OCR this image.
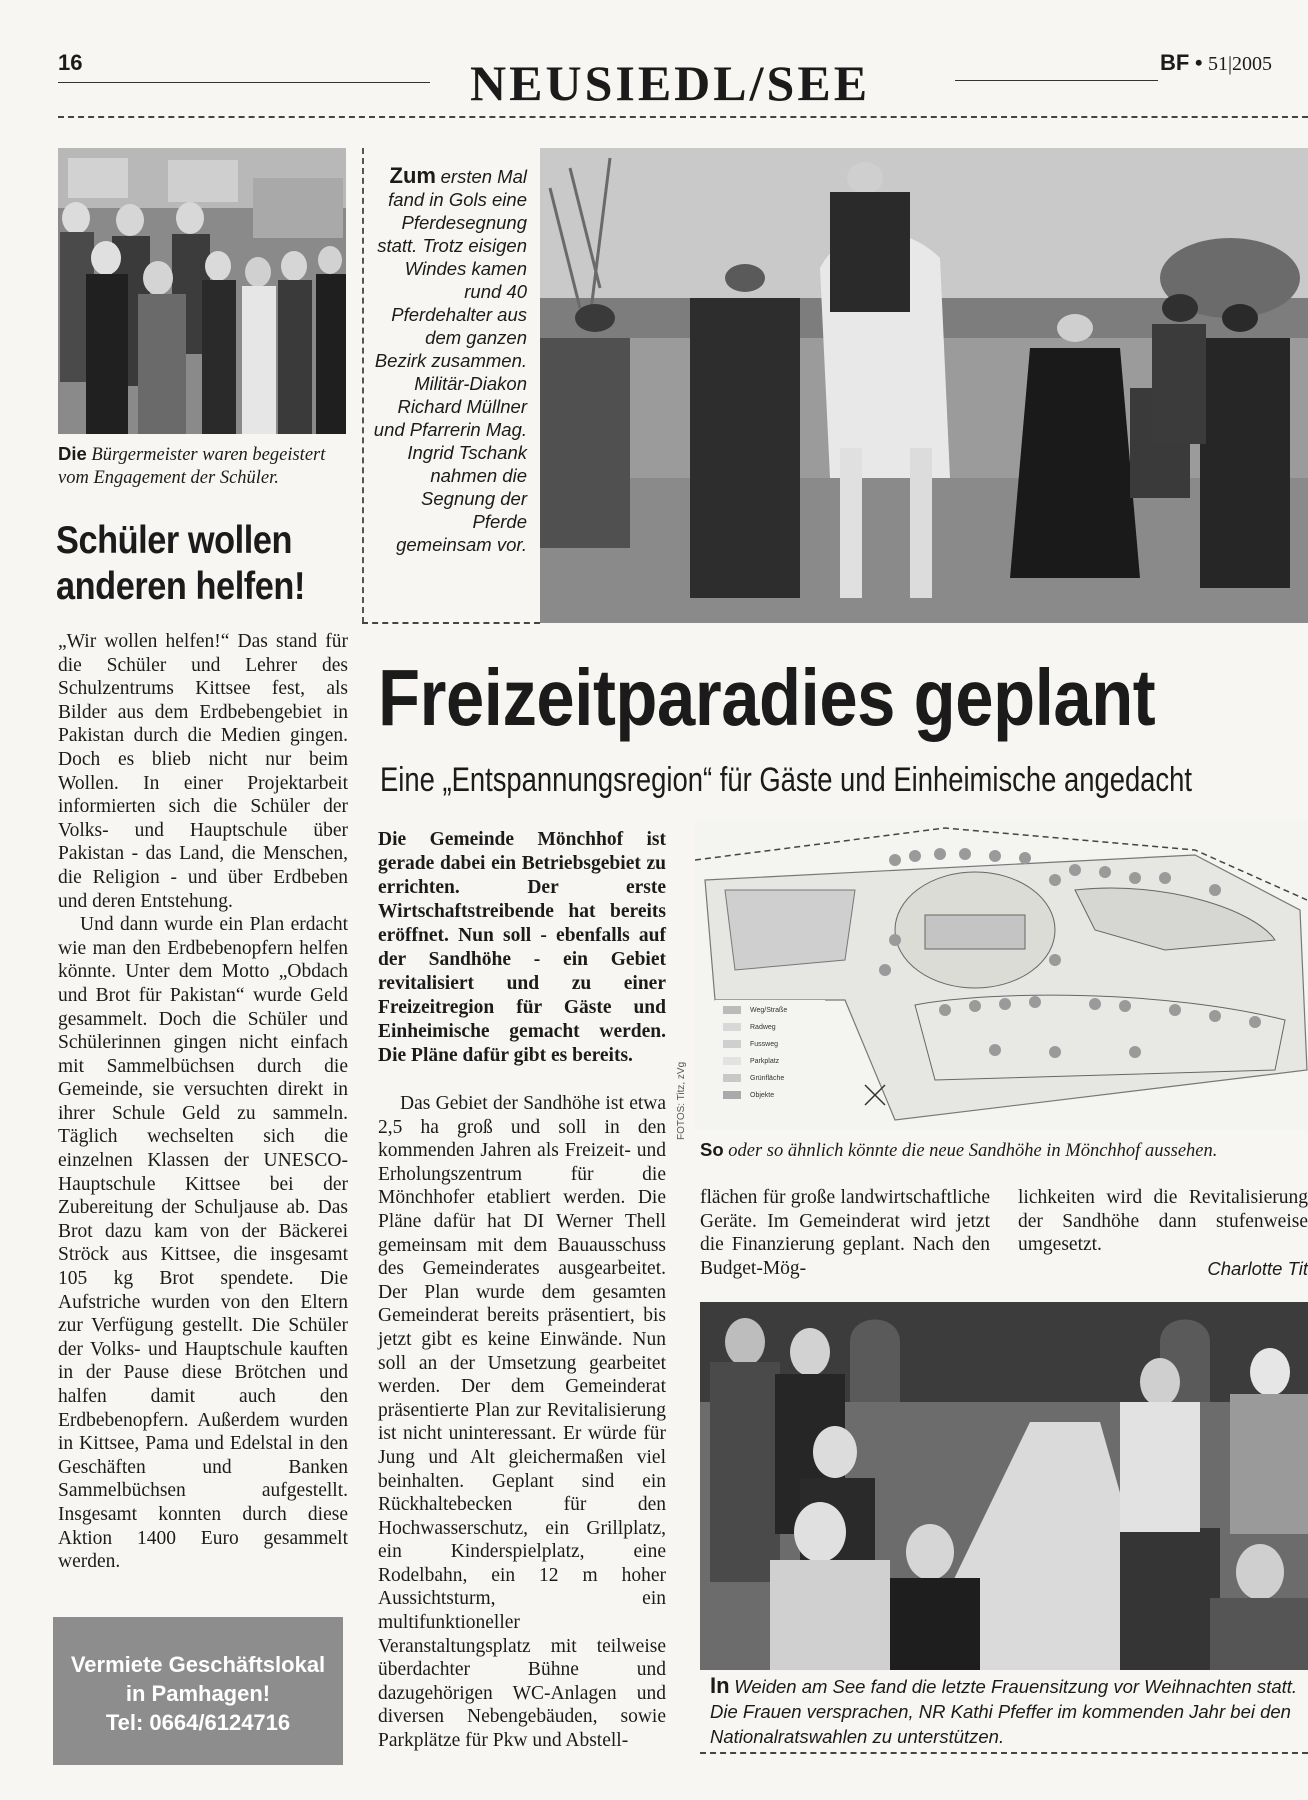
16	NEUSIEDL/SEE	BF • 51|2005
Die Bürgermeister waren begeistert vom Engagement der Schüler.
Schüler wollen anderen helfen!

„Wir wollen helfen!“ Das stand für die Schüler und Lehrer des Schulzentrums Kittsee fest, als Bilder aus dem Erdbebengebiet in Pakistan durch die Medien gingen. Doch es blieb nicht nur beim Wollen. In einer Projektarbeit informierten sich die Schüler der Volks- und Hauptschule über Pakistan - das Land, die Menschen, die Religion - und über Erdbeben und deren Entstehung.

Und dann wurde ein Plan erdacht wie man den Erdbebenopfern helfen könnte. Unter dem Motto „Obdach und Brot für Pakistan“ wurde Geld gesammelt. Doch die Schüler und Schülerinnen gingen nicht einfach mit Sammelbüchsen durch die Gemeinde, sie versuchten direkt in ihrer Schule Geld zu sammeln. Täglich wechselten sich die einzelnen Klassen der UNESCO-Hauptschule Kittsee bei der Zubereitung der Schuljause ab. Das Brot dazu kam von der Bäckerei Ströck aus Kittsee, die insgesamt 105 kg Brot spendete. Die Aufstriche wurden von den Eltern zur Verfügung gestellt. Die Schüler der Volks- und Hauptschule kauften in der Pause diese Brötchen und halfen damit auch den Erdbebenopfern. Außerdem wurden in Kittsee, Pama und Edelstal in den Geschäften und Banken Sammelbüchsen aufgestellt. Insgesamt konnten durch diese Aktion 1400 Euro gesammelt werden.

Vermiete Geschäftslokal
in Pamhagen!
Tel: 0664/6124716
Zum ersten Mal fand in Gols eine Pferdesegnung statt. Trotz eisigen Windes kamen rund 40 Pferdehalter aus dem ganzen Bezirk zusammen. Militär-Diakon Richard Müllner und Pfarrerin Mag. Ingrid Tschank nahmen die Segnung der Pferde gemeinsam vor.
Freizeitparadies geplant
Eine „Entspannungsregion“ für Gäste und Einheimische angedacht

Die Gemeinde Mönchhof ist gerade dabei ein Betriebsgebiet zu errichten. Der erste Wirtschaftstreibende hat bereits eröffnet. Nun soll - ebenfalls auf der Sandhöhe - ein Gebiet revitalisiert und zu einer Freizeitregion für Gäste und Einheimische gemacht werden. Die Pläne dafür gibt es bereits.

Das Gebiet der Sandhöhe ist etwa 2,5 ha groß und soll in den kommenden Jahren als Freizeit- und Erholungszentrum für die Mönchhofer etabliert werden. Die Pläne dafür hat DI Werner Thell gemeinsam mit dem Bauausschuss des Gemeinderates ausgearbeitet. Der Plan wurde dem gesamten Gemeinderat bereits präsentiert, bis jetzt gibt es keine Einwände. Nun soll an der Umsetzung gearbeitet werden. Der dem Gemeinderat präsentierte Plan zur Revitalisierung ist nicht uninteressant. Er würde für Jung und Alt gleichermaßen viel beinhalten. Geplant sind ein Rückhaltebecken für den Hochwasserschutz, ein Grillplatz, ein Kinderspielplatz, eine Rodelbahn, ein 12 m hoher Aussichtsturm, ein multifunktioneller Veranstaltungsplatz mit teilweise überdachter Bühne und dazugehörigen WC-Anlagen und diversen Nebengebäuden, sowie Parkplätze für Pkw und Abstell-

FOTOS: Titz, zVg
Weg/Straße
Radweg
Fussweg
Parkplatz
Grünfläche
Objekte
So oder so ähnlich könnte die neue Sandhöhe in Mönchhof aussehen.

flächen für große landwirtschaftliche Geräte. Im Gemeinderat wird jetzt die Finanzierung geplant. Nach den Budget-Mög-

lichkeiten wird die Revitalisierung der Sandhöhe dann stufenweise umgesetzt.

Charlotte Tit
In Weiden am See fand die letzte Frauensitzung vor Weihnachten statt. Die Frauen versprachen, NR Kathi Pfeffer im kommenden Jahr bei den Nationalratswahlen zu unterstützen.
